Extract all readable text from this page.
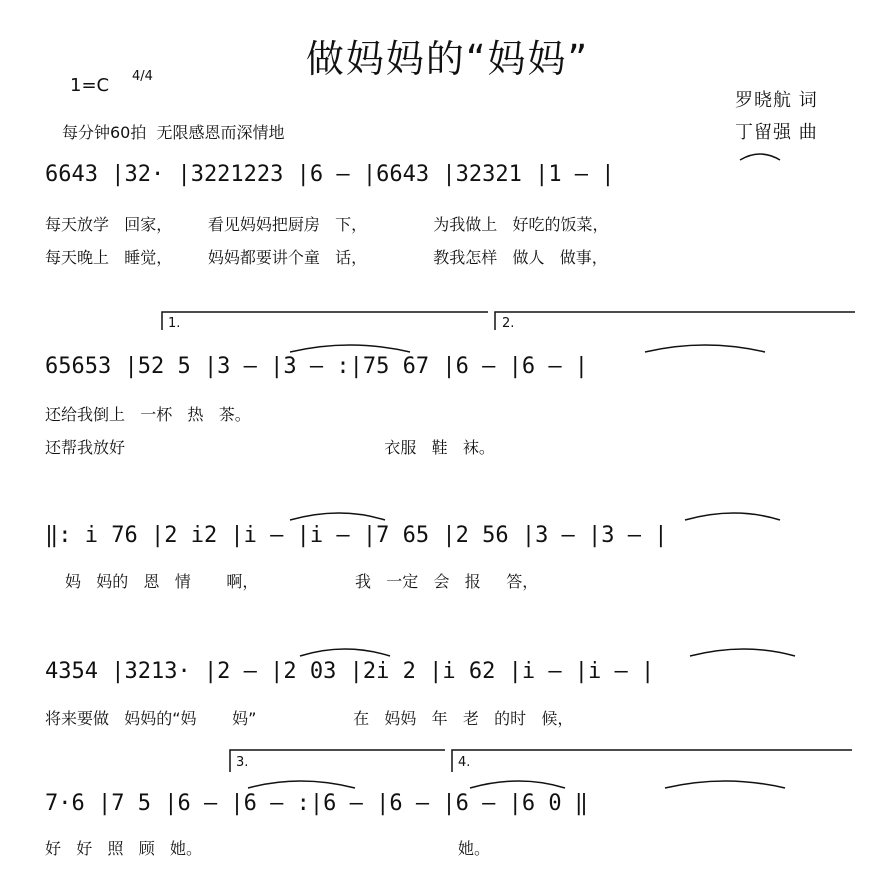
做妈妈的“妈妈”
1=C 4/4
每分钟60拍  无限感恩而深情地
罗晓航 词
丁留强 曲
6643 |32· |3221223 |6 – |6643 |32321 |1 – |
每天放学   回家，       看见妈妈把厨房   下，             为我做上   好吃的饭菜，
每天晚上   睡觉，       妈妈都要讲个童   话，             教我怎样   做人   做事，
65653 |52 5 |3 – |3 – :|75 67 |6 – |6 – |
还给我倒上   一杯   热   茶。
还帮我放好                                                   衣服   鞋   袜。
‖: i 76 |2 i2 |i – |i – |7 65 |2 56 |3 – |3 – |
妈   妈的   恩   情       啊，                   我   一定   会   报     答，
4354 |3213· |2 – |2 03 |2i 2 |i 62 |i – |i – |
将来要做   妈妈的“妈       妈”                   在   妈妈   年   老   的时   候，
7·6 |7 5 |6 – |6 – :|6 – |6 – |6 – |6 0 ‖
好   好   照   顾   她。	她。
1.	2.
3.	4.
